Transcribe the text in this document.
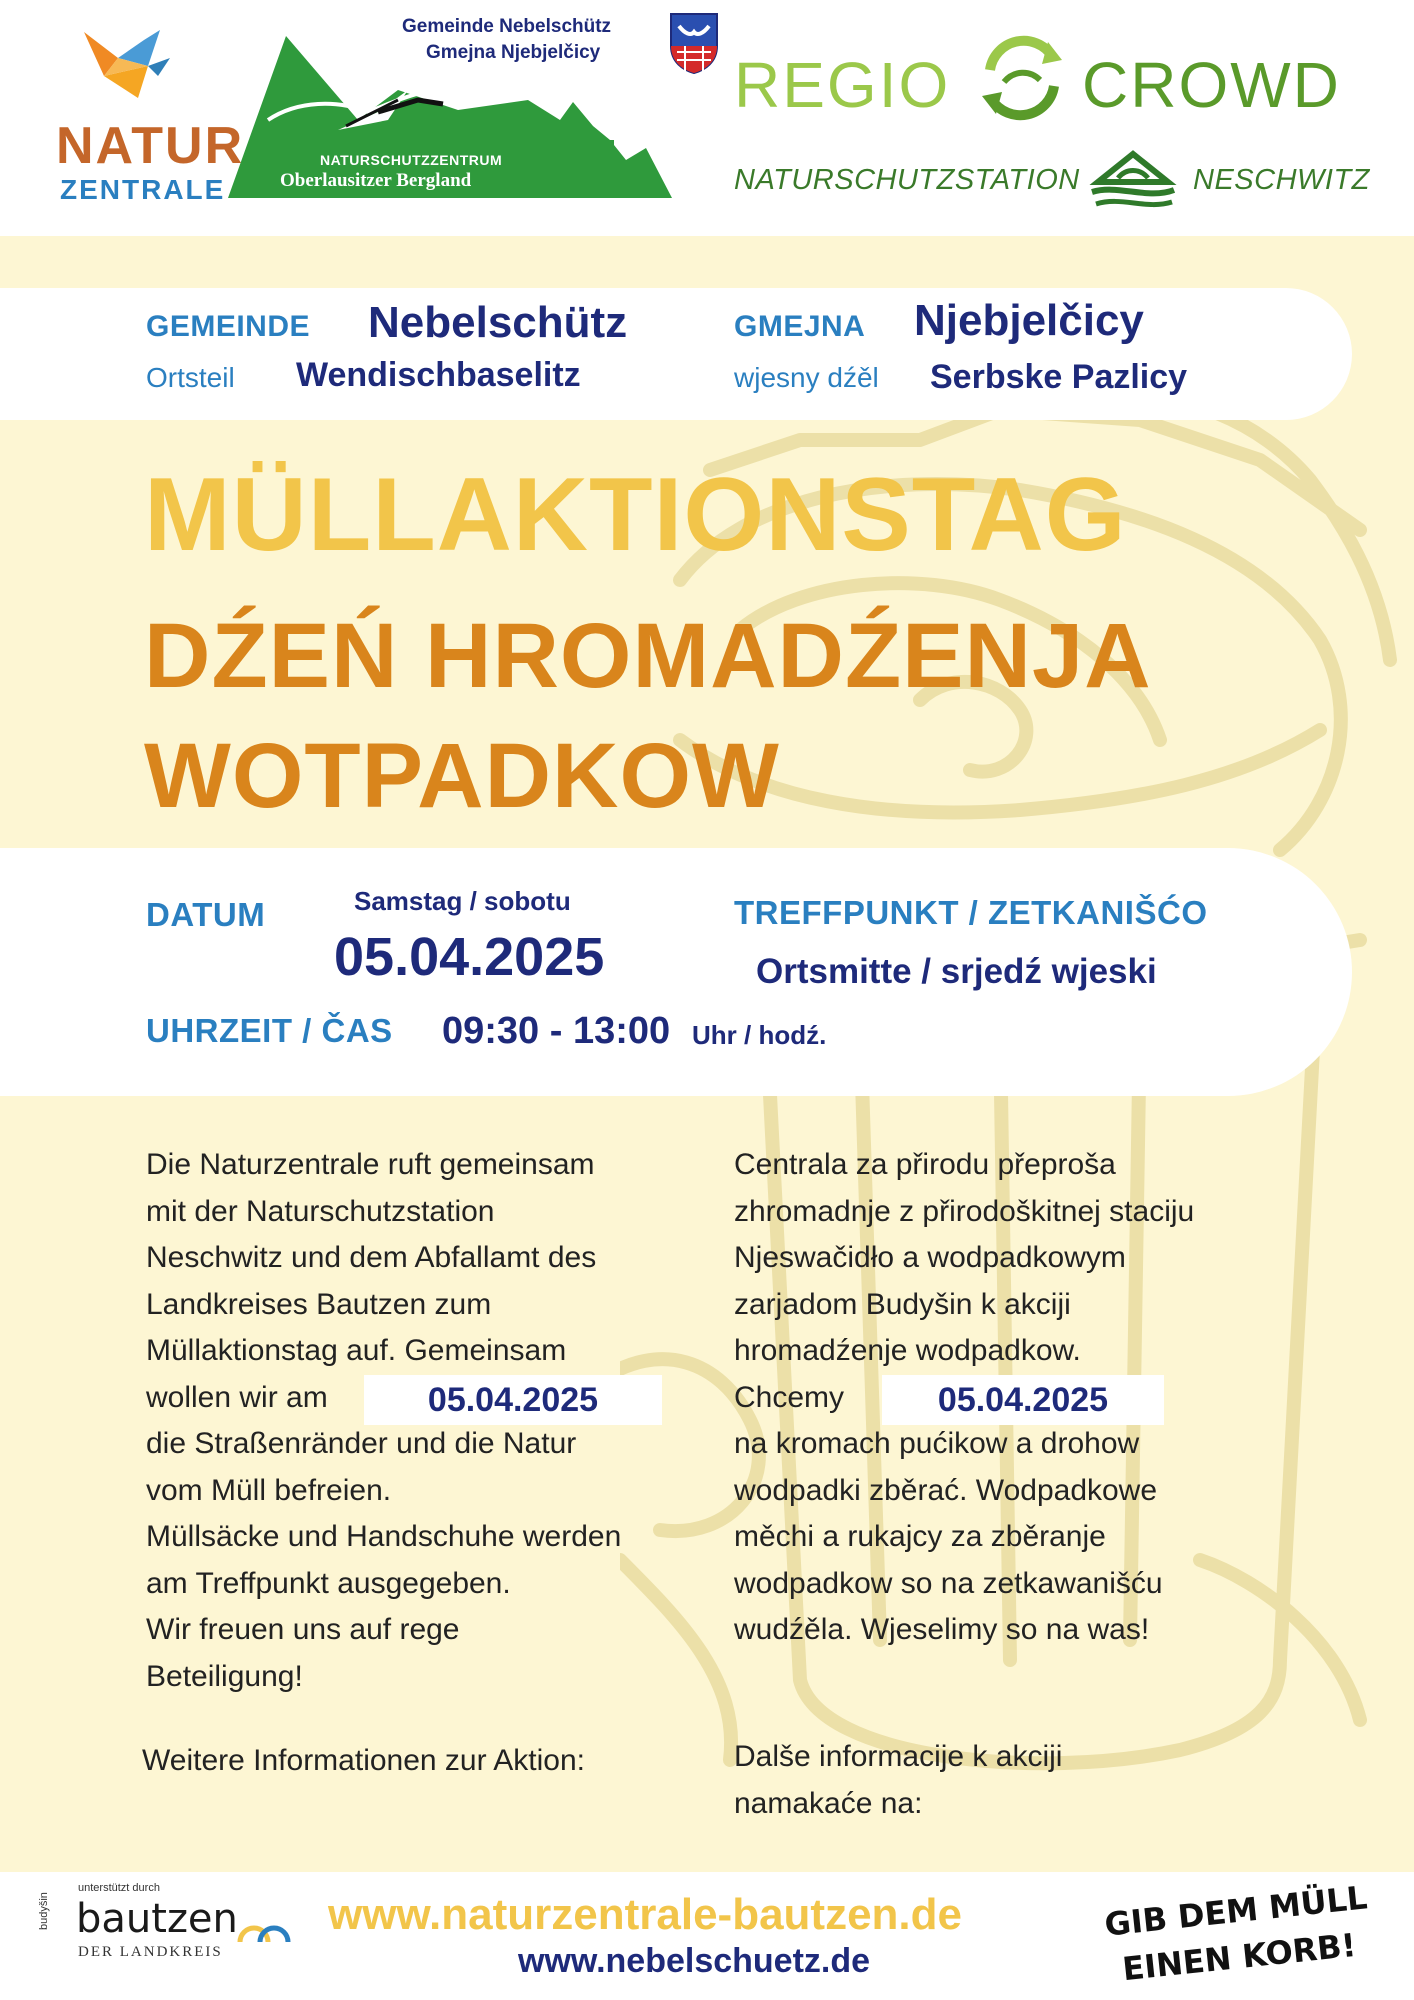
NATUR
ZENTRALE
NATURSCHUTZZENTRUM
Oberlausitzer Bergland
Gemeinde Nebelschütz
Gmejna Njebjelčicy REGIO CROWD
NATURSCHUTZSTATION	NESCHWITZ
GEMEINDE Nebelschütz
Ortsteil Wendischbaselitz
GMEJNA Njebjelčicy
wjesny dźěl Serbske Pazlicy
MÜLLAKTIONSTAG
DŹEŃ HROMADŹENJA
WOTPADKOW
DATUM	Samstag / sobotu
05.04.2025
TREFFPUNKT / ZETKANIŠĆO
Ortsmitte / srjedź wjeski
UHRZEIT / ČAS 09:30 - 13:00 Uhr / hodź.
Die Naturzentrale ruft gemeinsam
mit der Naturschutzstation
Neschwitz und dem Abfallamt des
Landkreises Bautzen zum
Müllaktionstag auf. Gemeinsam
wollen wir am
die Straßenränder und die Natur
vom Müll befreien.
Müllsäcke und Handschuhe werden
am Treffpunkt ausgegeben.
Wir freuen uns auf rege
Beteiligung!
05.04.2025
Weitere Informationen zur Aktion:
Centrala za přirodu přeproša
zhromadnje z přirodoškitnej staciju
Njeswačidło a wodpadkowym
zarjadom Budyšin k akciji
hromadźenje wodpadkow.
Chcemy
na kromach pućikow a drohow
wodpadki zběrać. Wodpadkowe
měchi a rukajcy za zběranje
wodpadkow so na zetkawanišću
wudźěla. Wjeselimy so na was!
05.04.2025
Dalše informacije k akciji
namakaće na:
unterstützt durch
budyšin bautzen
DER LANDKREIS
www.naturzentrale-bautzen.de
www.nebelschuetz.de
GIB DEM MÜLL
EINEN KORB!
